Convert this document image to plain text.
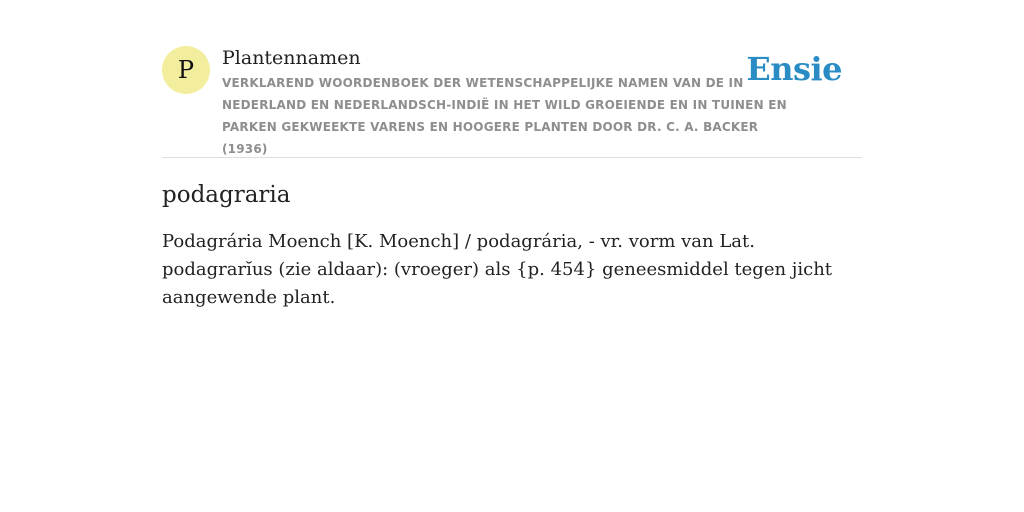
P	Plantennamen
VERKLAREND WOORDENBOEK DER WETENSCHAPPELIJKE NAMEN VAN DE IN NEDERLAND EN NEDERLANDSCH-INDIË IN HET WILD GROEIENDE EN IN TUINEN EN PARKEN GEKWEEKTE VARENS EN HOOGERE PLANTEN DOOR DR. C. A. BACKER (1936)
Ensie
podagraria

Podagrária Moench [K. Moench] / podagrária, - vr. vorm van Lat. podagrarĭus (zie aldaar): (vroeger) als {p. 454} geneesmiddel tegen jicht aangewende plant.
